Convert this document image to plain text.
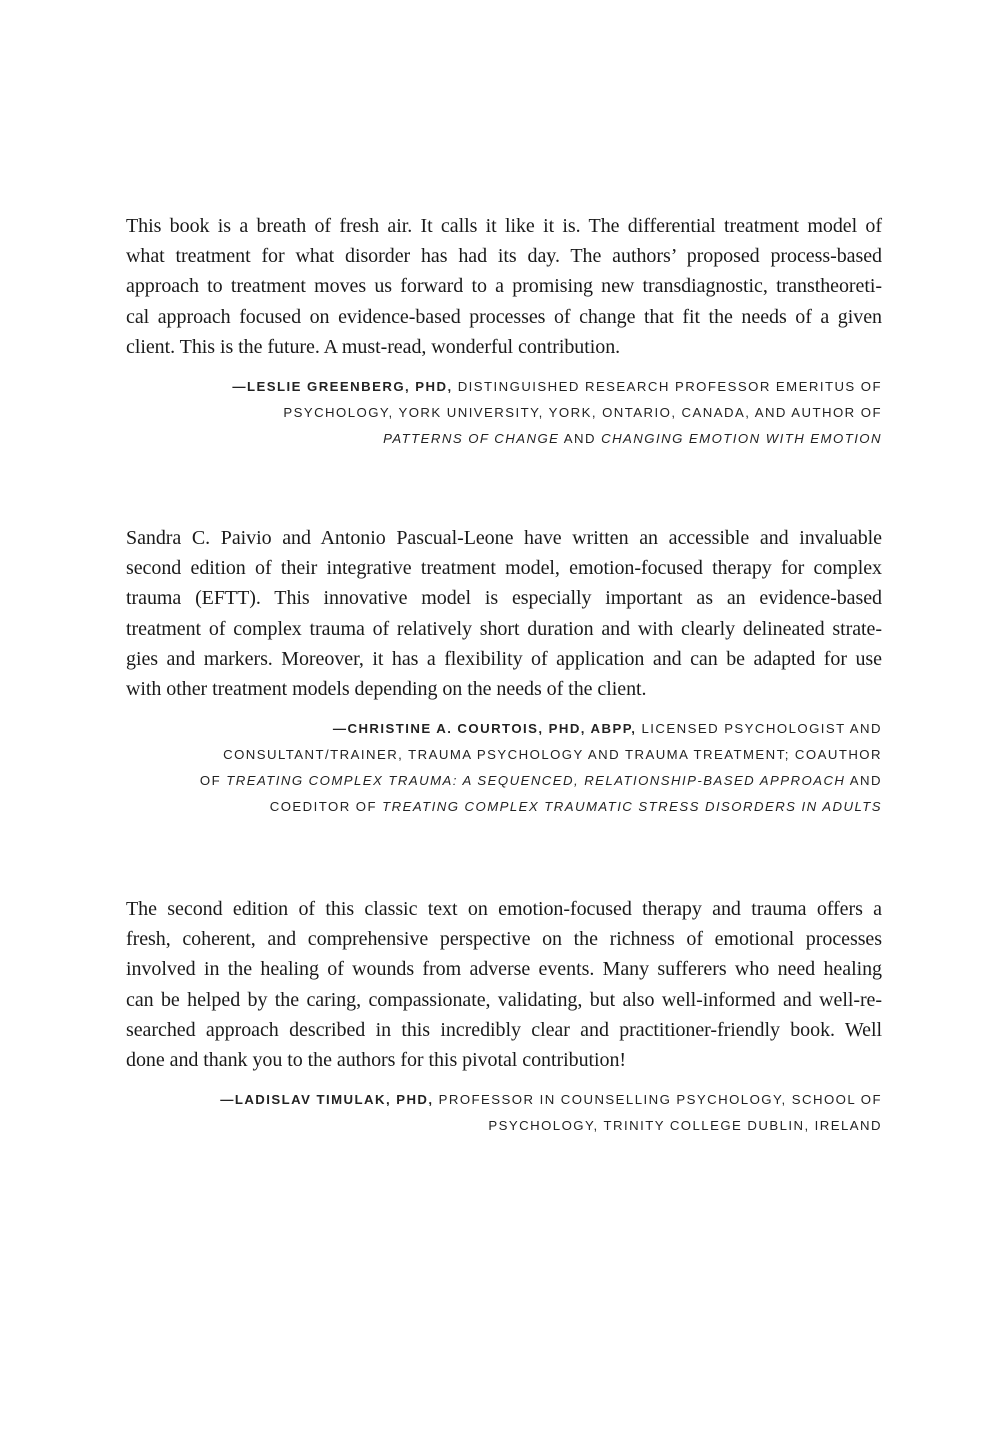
This book is a breath of fresh air. It calls it like it is. The differential treatment model of
what treatment for what disorder has had its day. The authors’ proposed process-based
approach to treatment moves us forward to a promising new transdiagnostic, transtheoreti-
cal approach focused on evidence-based processes of change that fit the needs of a given
client. This is the future. A must-read, wonderful contribution.
—LESLIE GREENBERG, PHD, DISTINGUISHED RESEARCH PROFESSOR EMERITUS OF
PSYCHOLOGY, YORK UNIVERSITY, YORK, ONTARIO, CANADA, AND AUTHOR OF
PATTERNS OF CHANGE AND CHANGING EMOTION WITH EMOTION
Sandra C. Paivio and Antonio Pascual-Leone have written an accessible and invaluable
second edition of their integrative treatment model, emotion-focused therapy for complex
trauma (EFTT). This innovative model is especially important as an evidence-based
treatment of complex trauma of relatively short duration and with clearly delineated strate-
gies and markers. Moreover, it has a flexibility of application and can be adapted for use
with other treatment models depending on the needs of the client.
—CHRISTINE A. COURTOIS, PHD, ABPP, LICENSED PSYCHOLOGIST AND
CONSULTANT/TRAINER, TRAUMA PSYCHOLOGY AND TRAUMA TREATMENT; COAUTHOR
OF TREATING COMPLEX TRAUMA: A SEQUENCED, RELATIONSHIP-BASED APPROACH AND
COEDITOR OF TREATING COMPLEX TRAUMATIC STRESS DISORDERS IN ADULTS
The second edition of this classic text on emotion-focused therapy and trauma offers a
fresh, coherent, and comprehensive perspective on the richness of emotional processes
involved in the healing of wounds from adverse events. Many sufferers who need healing
can be helped by the caring, compassionate, validating, but also well-informed and well-re-
searched approach described in this incredibly clear and practitioner-friendly book. Well
done and thank you to the authors for this pivotal contribution!
—LADISLAV TIMULAK, PHD, PROFESSOR IN COUNSELLING PSYCHOLOGY, SCHOOL OF
PSYCHOLOGY, TRINITY COLLEGE DUBLIN, IRELAND
